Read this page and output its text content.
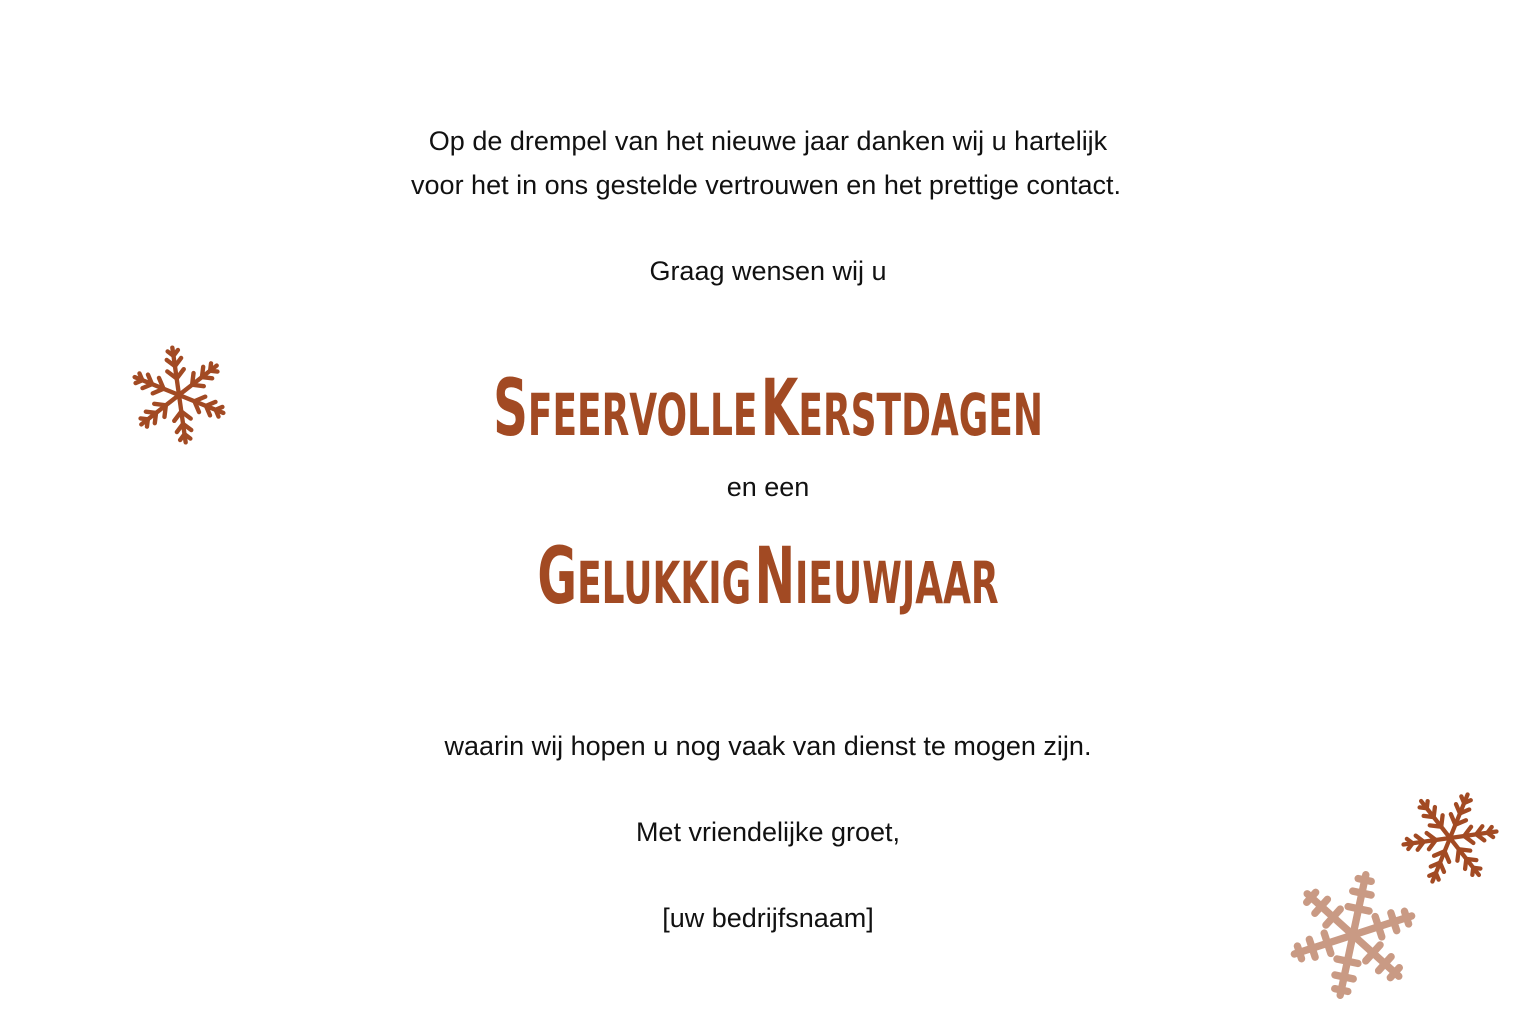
Op de drempel van het nieuwe jaar danken wij u hartelijk
voor het in ons gestelde vertrouwen en het prettige contact.
Graag wensen wij u
SFEERVOLLE KERSTDAGEN
en een
GELUKKIG NIEUWJAAR
waarin wij hopen u nog vaak van dienst te mogen zijn.
Met vriendelijke groet,
[uw bedrijfsnaam]
